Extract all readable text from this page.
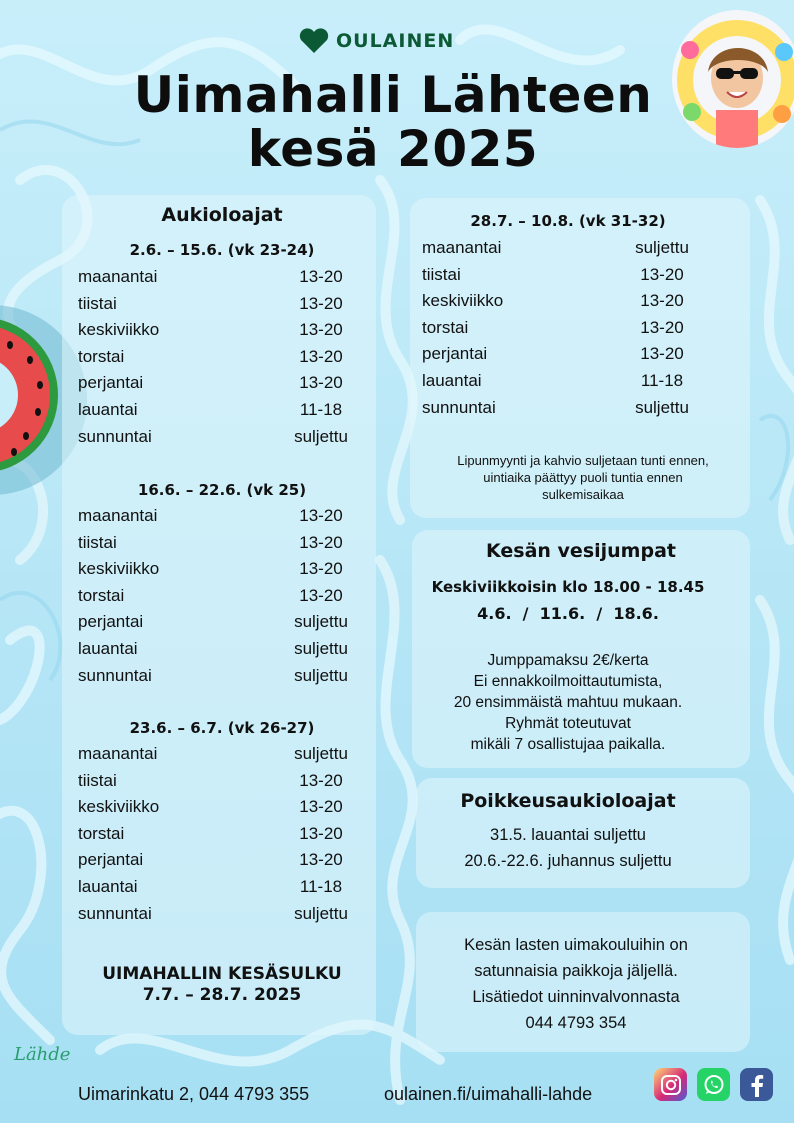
OULAINEN
Uimahalli Lähteen
kesä 2025
Aukioloajat
2.6. – 15.6. (vk 23-24)
maanantai	13-20
tiistai	13-20
keskiviikko	13-20
torstai	13-20
perjantai	13-20
lauantai	11-18
sunnuntai	suljettu
16.6. – 22.6. (vk 25)
maanantai	13-20
tiistai	13-20
keskiviikko	13-20
torstai	13-20
perjantai	suljettu
lauantai	suljettu
sunnuntai	suljettu
23.6. – 6.7. (vk 26-27)
maanantai	suljettu
tiistai	13-20
keskiviikko	13-20
torstai	13-20
perjantai	13-20
lauantai	11-18
sunnuntai	suljettu
28.7. – 10.8. (vk 31-32)
maanantai	suljettu
tiistai	13-20
keskiviikko	13-20
torstai	13-20
perjantai	13-20
lauantai	11-18
sunnuntai	suljettu
Lipunmyynti ja kahvio suljetaan tunti ennen,
uintiaika päättyy puoli tuntia ennen
sulkemisaikaa
UIMAHALLIN KESÄSULKU
7.7. – 28.7. 2025
Kesän vesijumpat
Keskiviikkoisin klo 18.00 - 18.45
4.6.  /  11.6.  /  18.6.
Jumppamaksu 2€/kerta
Ei ennakkoilmoittautumista,
20 ensimmäistä mahtuu mukaan.
Ryhmät toteutuvat
mikäli 7 osallistujaa paikalla.
Poikkeusaukioloajat
31.5. lauantai suljettu
20.6.-22.6. juhannus suljettu
Kesän lasten uimakouluihin on
satunnaisia paikkoja jäljellä.
Lisätiedot uinninvalvonnasta
044 4793 354
Lähde
Uimarinkatu 2, 044 4793 355	oulainen.fi/uimahalli-lahde
